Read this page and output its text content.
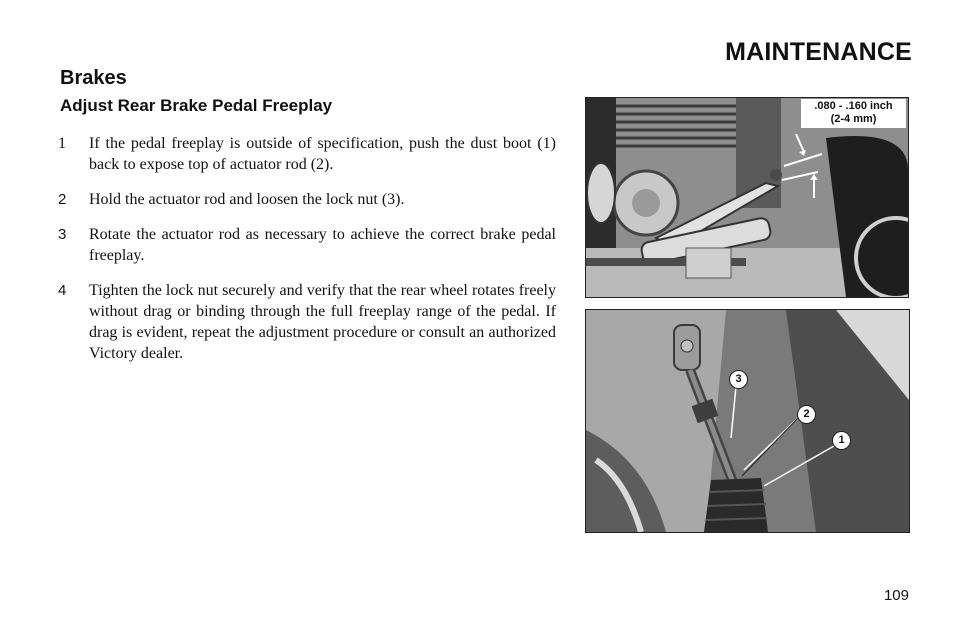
MAINTENANCE
Brakes
Adjust Rear Brake Pedal Freeplay
1	If the pedal freeplay is outside of specification, push the dust boot (1) back to expose top of actuator rod (2).
2	Hold the actuator rod and loosen the lock nut (3).
3	Rotate the actuator rod as necessary to achieve the correct brake pedal freeplay.
4	Tighten the lock nut securely and verify that the rear wheel rotates freely without drag or binding through the full freeplay range of the pedal. If drag is evident, repeat the adjustment procedure or consult an authorized Victory dealer.
.080 - .160 inch
(2-4 mm)
3
2
1
109
